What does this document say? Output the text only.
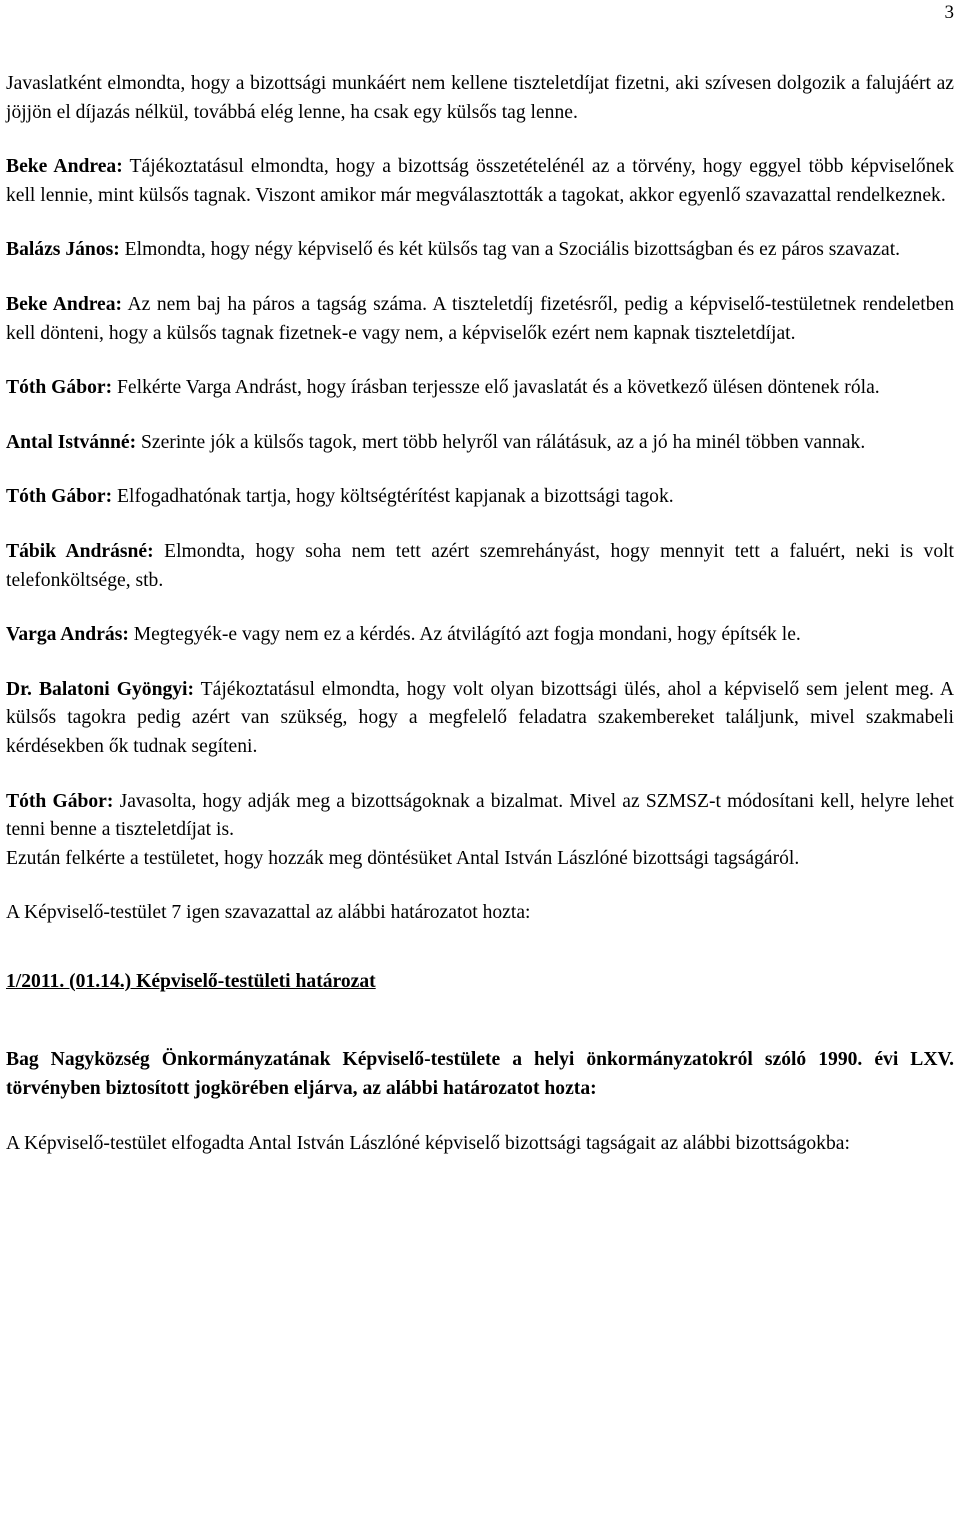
3

Javaslatként elmondta, hogy a bizottsági munkáért nem kellene tiszteletdíjat fizetni, aki szívesen dolgozik a falujáért az jöjjön el díjazás nélkül, továbbá elég lenne, ha csak egy külsős tag lenne.

Beke Andrea: Tájékoztatásul elmondta, hogy a bizottság összetételénél az a törvény, hogy eggyel több képviselőnek kell lennie, mint külsős tagnak. Viszont amikor már megválasztották a tagokat, akkor egyenlő szavazattal rendelkeznek.

Balázs János: Elmondta, hogy négy képviselő és két külsős tag van a Szociális bizottságban és ez páros szavazat.

Beke Andrea: Az nem baj ha páros a tagság száma. A tiszteletdíj fizetésről, pedig a képviselő-testületnek rendeletben kell dönteni, hogy a külsős tagnak fizetnek-e vagy nem, a képviselők ezért nem kapnak tiszteletdíjat.

Tóth Gábor: Felkérte Varga Andrást, hogy írásban terjessze elő javaslatát és a következő ülésen döntenek róla.

Antal Istvánné: Szerinte jók a külsős tagok, mert több helyről van rálátásuk, az a jó ha minél többen vannak.

Tóth Gábor: Elfogadhatónak tartja, hogy költségtérítést kapjanak a bizottsági tagok.

Tábik Andrásné: Elmondta, hogy soha nem tett azért szemrehányást, hogy mennyit tett a faluért, neki is volt telefonköltsége, stb.

Varga András: Megtegyék-e vagy nem ez a kérdés. Az átvilágító azt fogja mondani, hogy építsék le.

Dr. Balatoni Gyöngyi: Tájékoztatásul elmondta, hogy volt olyan bizottsági ülés, ahol a képviselő sem jelent meg. A külsős tagokra pedig azért van szükség, hogy a megfelelő feladatra szakembereket találjunk, mivel szakmabeli kérdésekben ők tudnak segíteni.

Tóth Gábor: Javasolta, hogy adják meg a bizottságoknak a bizalmat. Mivel az SZMSZ-t módosítani kell, helyre lehet tenni benne a tiszteletdíjat is.

Ezután felkérte a testületet, hogy hozzák meg döntésüket Antal István Lászlóné bizottsági tagságáról.

A Képviselő-testület 7 igen szavazattal az alábbi határozatot hozta:

1/2011. (01.14.) Képviselő-testületi határozat

Bag Nagyközség Önkormányzatának Képviselő-testülete a helyi önkormányzatokról szóló 1990. évi LXV. törvényben biztosított jogkörében eljárva, az alábbi határozatot hozta:

A Képviselő-testület elfogadta Antal István Lászlóné képviselő bizottsági tagságait az alábbi bizottságokba:
